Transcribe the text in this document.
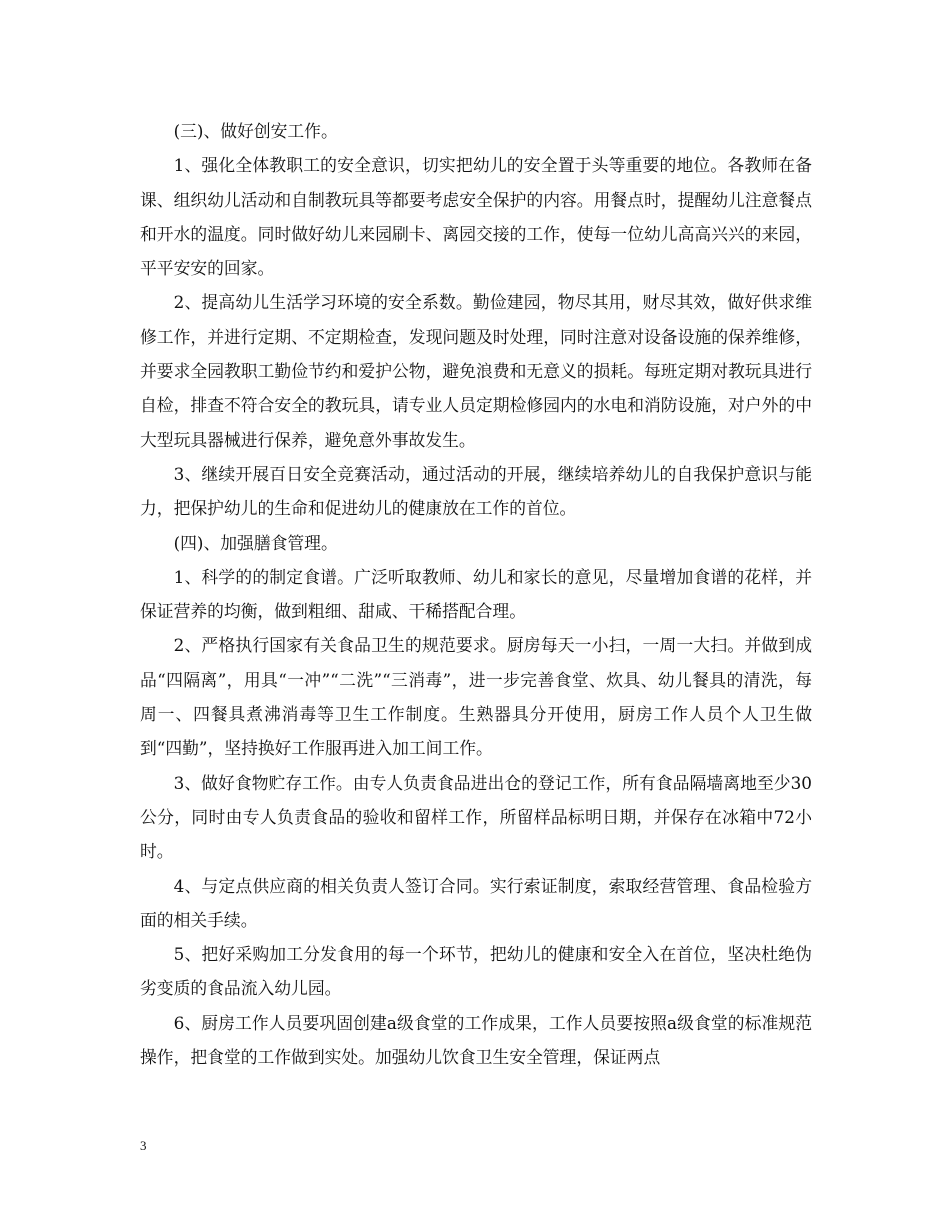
(三)、做好创安工作。

1、强化全体教职工的安全意识，切实把幼儿的安全置于头等重要的地位。各教师在备课、组织幼儿活动和自制教玩具等都要考虑安全保护的内容。用餐点时，提醒幼儿注意餐点和开水的温度。同时做好幼儿来园刷卡、离园交接的工作，使每一位幼儿高高兴兴的来园，平平安安的回家。

2、提高幼儿生活学习环境的安全系数。勤俭建园，物尽其用，财尽其效，做好供求维修工作，并进行定期、不定期检查，发现问题及时处理，同时注意对设备设施的保养维修，并要求全园教职工勤俭节约和爱护公物，避免浪费和无意义的损耗。每班定期对教玩具进行自检，排查不符合安全的教玩具，请专业人员定期检修园内的水电和消防设施，对户外的中大型玩具器械进行保养，避免意外事故发生。

3、继续开展百日安全竞赛活动，通过活动的开展，继续培养幼儿的自我保护意识与能力，把保护幼儿的生命和促进幼儿的健康放在工作的首位。

(四)、加强膳食管理。

1、科学的的制定食谱。广泛听取教师、幼儿和家长的意见，尽量增加食谱的花样，并保证营养的均衡，做到粗细、甜咸、干稀搭配合理。

2、严格执行国家有关食品卫生的规范要求。厨房每天一小扫，一周一大扫。并做到成品“四隔离”，用具“一冲”“二洗”“三消毒”，进一步完善食堂、炊具、幼儿餐具的清洗，每周一、四餐具煮沸消毒等卫生工作制度。生熟器具分开使用，厨房工作人员个人卫生做到“四勤”，坚持换好工作服再进入加工间工作。

3、做好食物贮存工作。由专人负责食品进出仓的登记工作，所有食品隔墙离地至少30公分，同时由专人负责食品的验收和留样工作，所留样品标明日期，并保存在冰箱中72小时。

4、与定点供应商的相关负责人签订合同。实行索证制度，索取经营管理、食品检验方面的相关手续。

5、把好采购加工分发食用的每一个环节，把幼儿的健康和安全入在首位，坚决杜绝伪劣变质的食品流入幼儿园。

6、厨房工作人员要巩固创建a级食堂的工作成果，工作人员要按照a级食堂的标准规范操作，把食堂的工作做到实处。加强幼儿饮食卫生安全管理，保证两点

3
